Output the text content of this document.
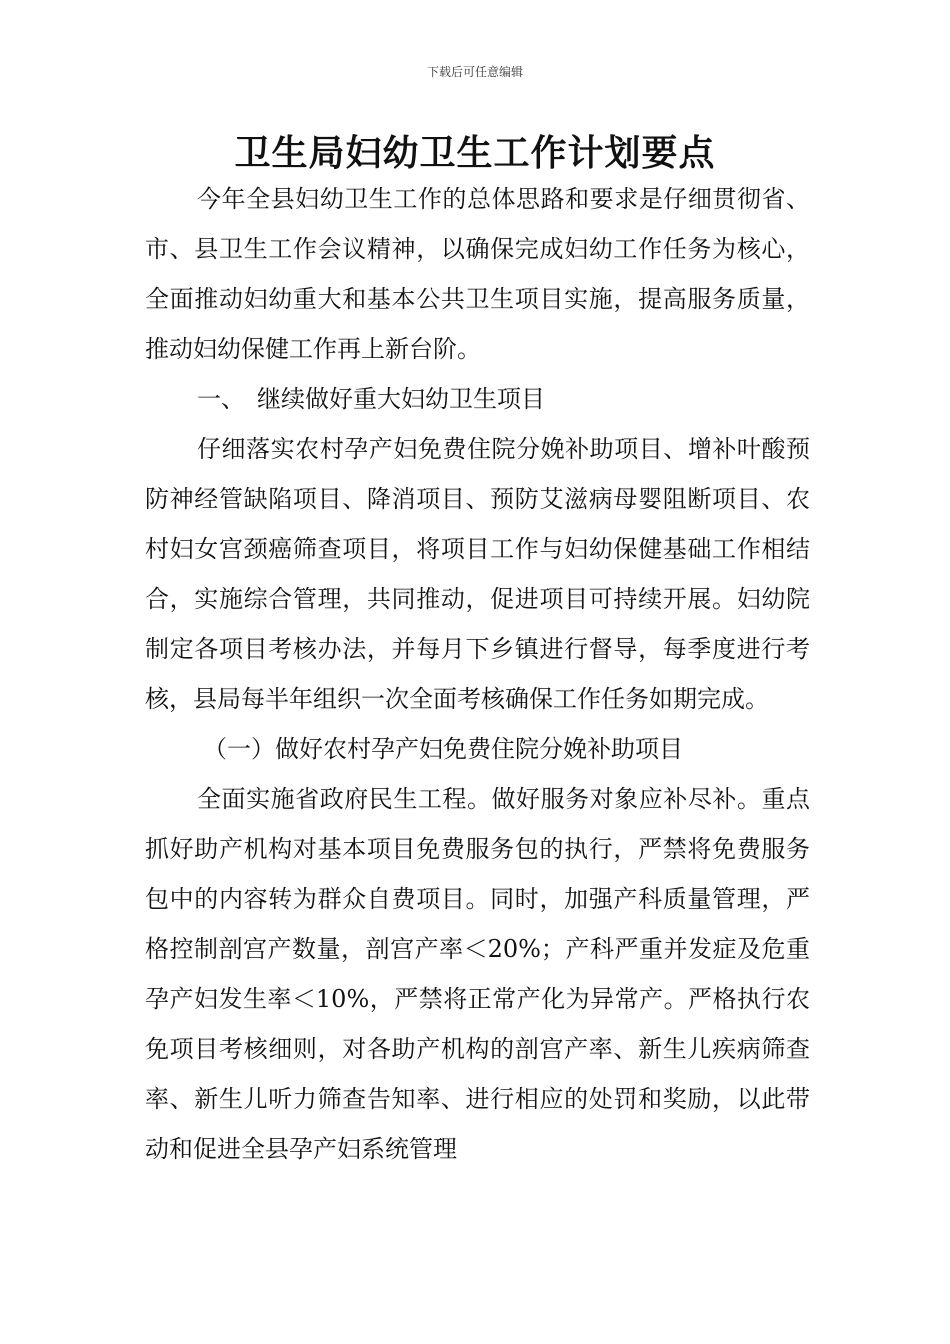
下载后可任意编辑
卫生局妇幼卫生工作计划要点

今年全县妇幼卫生工作的总体思路和要求是仔细贯彻省、市、县卫生工作会议精神，以确保完成妇幼工作任务为核心，全面推动妇幼重大和基本公共卫生项目实施，提高服务质量，推动妇幼保健工作再上新台阶。

一、　继续做好重大妇幼卫生项目

仔细落实农村孕产妇免费住院分娩补助项目、增补叶酸预防神经管缺陷项目、降消项目、预防艾滋病母婴阻断项目、农村妇女宫颈癌筛查项目，将项目工作与妇幼保健基础工作相结合，实施综合管理，共同推动，促进项目可持续开展。妇幼院制定各项目考核办法，并每月下乡镇进行督导，每季度进行考核，县局每半年组织一次全面考核确保工作任务如期完成。

（一）做好农村孕产妇免费住院分娩补助项目

全面实施省政府民生工程。做好服务对象应补尽补。重点抓好助产机构对基本项目免费服务包的执行，严禁将免费服务包中的内容转为群众自费项目。同时，加强产科质量管理，严格控制剖宫产数量，剖宫产率＜20%；产科严重并发症及危重孕产妇发生率＜10%，严禁将正常产化为异常产。严格执行农免项目考核细则，对各助产机构的剖宫产率、新生儿疾病筛查率、新生儿听力筛查告知率、进行相应的处罚和奖励，以此带动和促进全县孕产妇系统管理
